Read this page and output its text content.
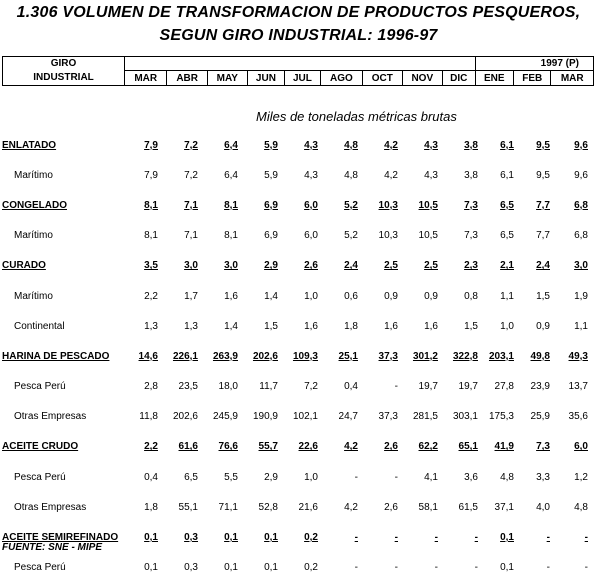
1.306 VOLUMEN DE TRANSFORMACION DE PRODUCTOS PESQUEROS,
SEGUN GIRO INDUSTRIAL: 1996-97
GIRO
INDUSTRIAL										1997 (P)		
	MAR	ABR	MAY	JUN	JUL	AGO	OCT	NOV	DIC	ENE	FEB	MAR
Miles de toneladas métricas brutas
ENLATADO	7,9	7,2	6,4	5,9	4,3	4,8	4,2	4,3	3,8	6,1	9,5	9,6
Marítimo	7,9	7,2	6,4	5,9	4,3	4,8	4,2	4,3	3,8	6,1	9,5	9,6
CONGELADO	8,1	7,1	8,1	6,9	6,0	5,2	10,3	10,5	7,3	6,5	7,7	6,8
Marítimo	8,1	7,1	8,1	6,9	6,0	5,2	10,3	10,5	7,3	6,5	7,7	6,8
CURADO	3,5	3,0	3,0	2,9	2,6	2,4	2,5	2,5	2,3	2,1	2,4	3,0
Marítimo	2,2	1,7	1,6	1,4	1,0	0,6	0,9	0,9	0,8	1,1	1,5	1,9
Continental	1,3	1,3	1,4	1,5	1,6	1,8	1,6	1,6	1,5	1,0	0,9	1,1
HARINA DE PESCADO	14,6	226,1	263,9	202,6	109,3	25,1	37,3	301,2	322,8	203,1	49,8	49,3
Pesca Perú	2,8	23,5	18,0	11,7	7,2	0,4	-	19,7	19,7	27,8	23,9	13,7
Otras Empresas	11,8	202,6	245,9	190,9	102,1	24,7	37,3	281,5	303,1	175,3	25,9	35,6
ACEITE CRUDO	2,2	61,6	76,6	55,7	22,6	4,2	2,6	62,2	65,1	41,9	7,3	6,0
Pesca Perú	0,4	6,5	5,5	2,9	1,0	-	-	4,1	3,6	4,8	3,3	1,2
Otras Empresas	1,8	55,1	71,1	52,8	21,6	4,2	2,6	58,1	61,5	37,1	4,0	4,8
ACEITE SEMIREFINADO	0,1	0,3	0,1	0,1	0,2	-	-	-	-	0,1	-	-
Pesca Perú	0,1	0,3	0,1	0,1	0,2	-	-	-	-	0,1	-	-
FUENTE: SNE - MIPE
